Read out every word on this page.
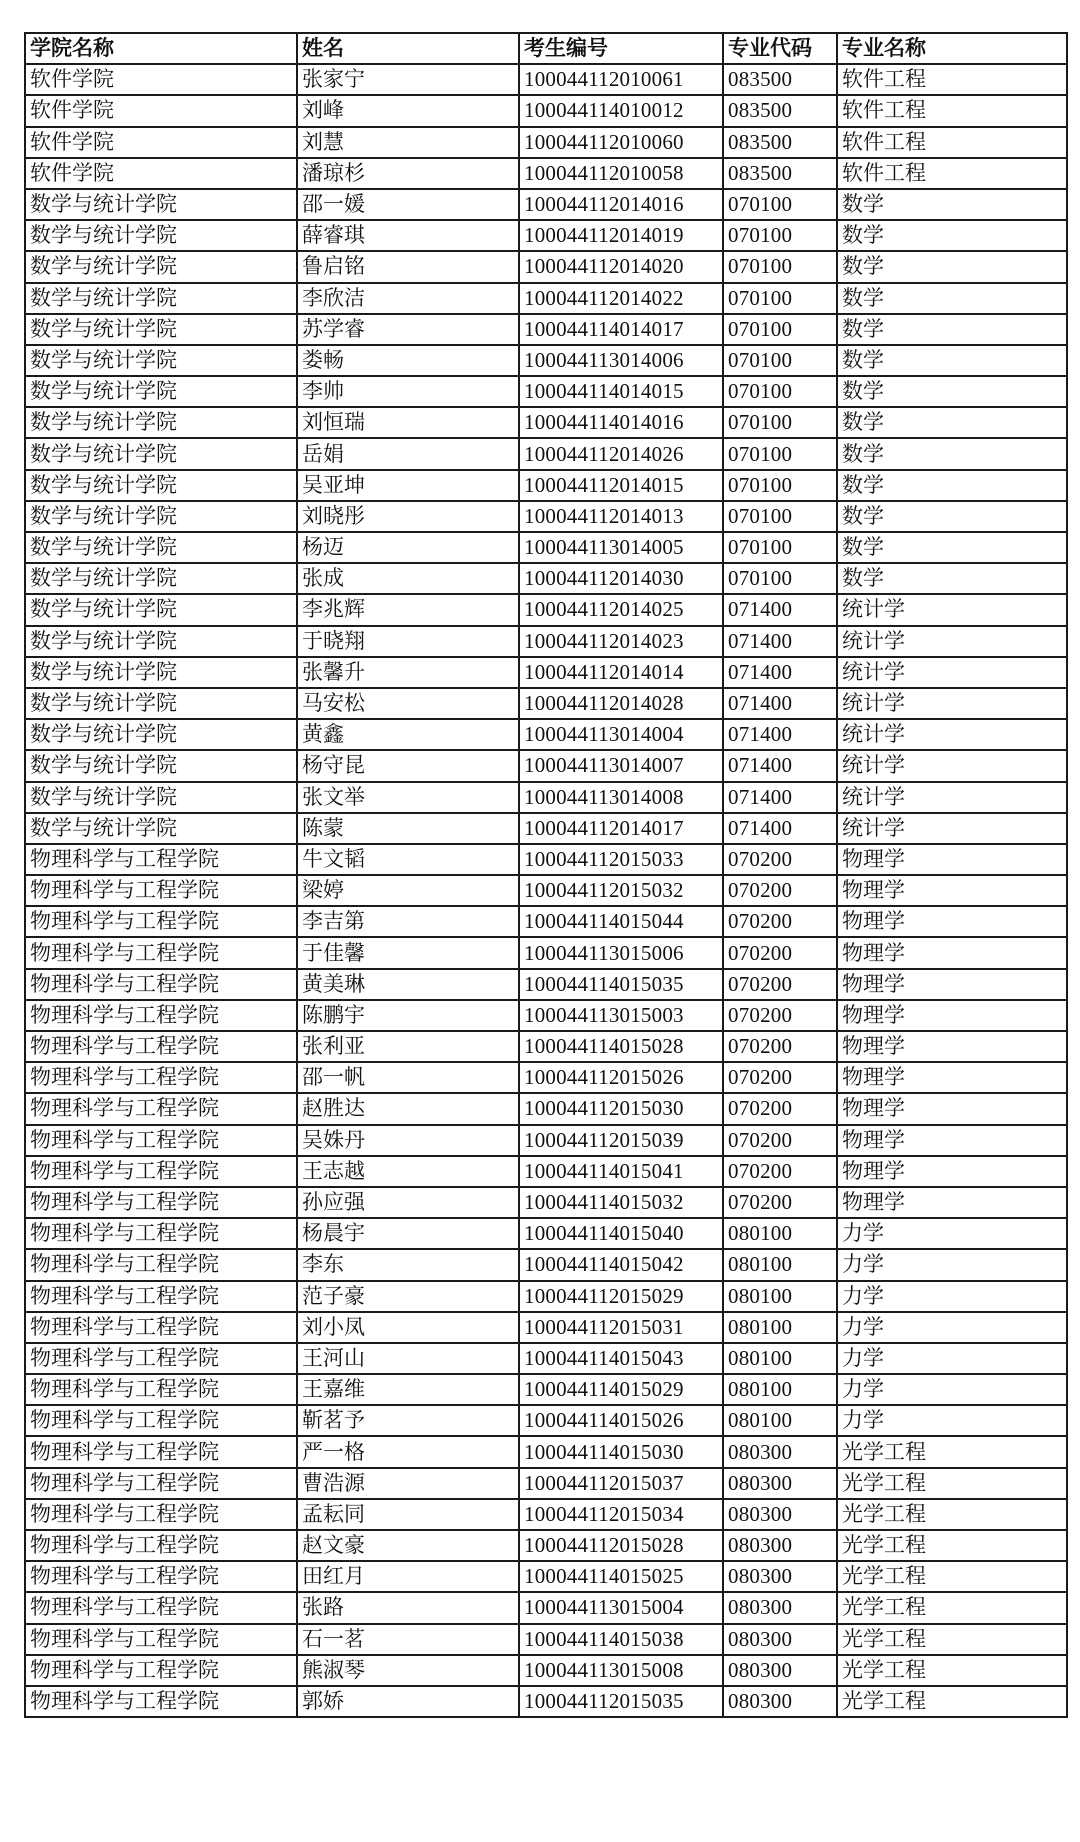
学院名称	姓名	考生编号	专业代码	专业名称
软件学院	张家宁	100044112010061	083500	软件工程
软件学院	刘峰	100044114010012	083500	软件工程
软件学院	刘慧	100044112010060	083500	软件工程
软件学院	潘琼杉	100044112010058	083500	软件工程
数学与统计学院	邵一媛	100044112014016	070100	数学
数学与统计学院	薛睿琪	100044112014019	070100	数学
数学与统计学院	鲁启铭	100044112014020	070100	数学
数学与统计学院	李欣洁	100044112014022	070100	数学
数学与统计学院	苏学睿	100044114014017	070100	数学
数学与统计学院	娄畅	100044113014006	070100	数学
数学与统计学院	李帅	100044114014015	070100	数学
数学与统计学院	刘恒瑞	100044114014016	070100	数学
数学与统计学院	岳娟	100044112014026	070100	数学
数学与统计学院	吴亚坤	100044112014015	070100	数学
数学与统计学院	刘晓彤	100044112014013	070100	数学
数学与统计学院	杨迈	100044113014005	070100	数学
数学与统计学院	张成	100044112014030	070100	数学
数学与统计学院	李兆辉	100044112014025	071400	统计学
数学与统计学院	于晓翔	100044112014023	071400	统计学
数学与统计学院	张馨升	100044112014014	071400	统计学
数学与统计学院	马安松	100044112014028	071400	统计学
数学与统计学院	黄鑫	100044113014004	071400	统计学
数学与统计学院	杨守昆	100044113014007	071400	统计学
数学与统计学院	张文举	100044113014008	071400	统计学
数学与统计学院	陈蒙	100044112014017	071400	统计学
物理科学与工程学院	牛文韬	100044112015033	070200	物理学
物理科学与工程学院	梁婷	100044112015032	070200	物理学
物理科学与工程学院	李吉第	100044114015044	070200	物理学
物理科学与工程学院	于佳馨	100044113015006	070200	物理学
物理科学与工程学院	黄美琳	100044114015035	070200	物理学
物理科学与工程学院	陈鹏宇	100044113015003	070200	物理学
物理科学与工程学院	张利亚	100044114015028	070200	物理学
物理科学与工程学院	邵一帆	100044112015026	070200	物理学
物理科学与工程学院	赵胜达	100044112015030	070200	物理学
物理科学与工程学院	吴姝丹	100044112015039	070200	物理学
物理科学与工程学院	王志越	100044114015041	070200	物理学
物理科学与工程学院	孙应强	100044114015032	070200	物理学
物理科学与工程学院	杨晨宇	100044114015040	080100	力学
物理科学与工程学院	李东	100044114015042	080100	力学
物理科学与工程学院	范子豪	100044112015029	080100	力学
物理科学与工程学院	刘小凤	100044112015031	080100	力学
物理科学与工程学院	王河山	100044114015043	080100	力学
物理科学与工程学院	王嘉维	100044114015029	080100	力学
物理科学与工程学院	靳茗予	100044114015026	080100	力学
物理科学与工程学院	严一格	100044114015030	080300	光学工程
物理科学与工程学院	曹浩源	100044112015037	080300	光学工程
物理科学与工程学院	孟耘同	100044112015034	080300	光学工程
物理科学与工程学院	赵文豪	100044112015028	080300	光学工程
物理科学与工程学院	田红月	100044114015025	080300	光学工程
物理科学与工程学院	张路	100044113015004	080300	光学工程
物理科学与工程学院	石一茗	100044114015038	080300	光学工程
物理科学与工程学院	熊淑琴	100044113015008	080300	光学工程
物理科学与工程学院	郭娇	100044112015035	080300	光学工程
